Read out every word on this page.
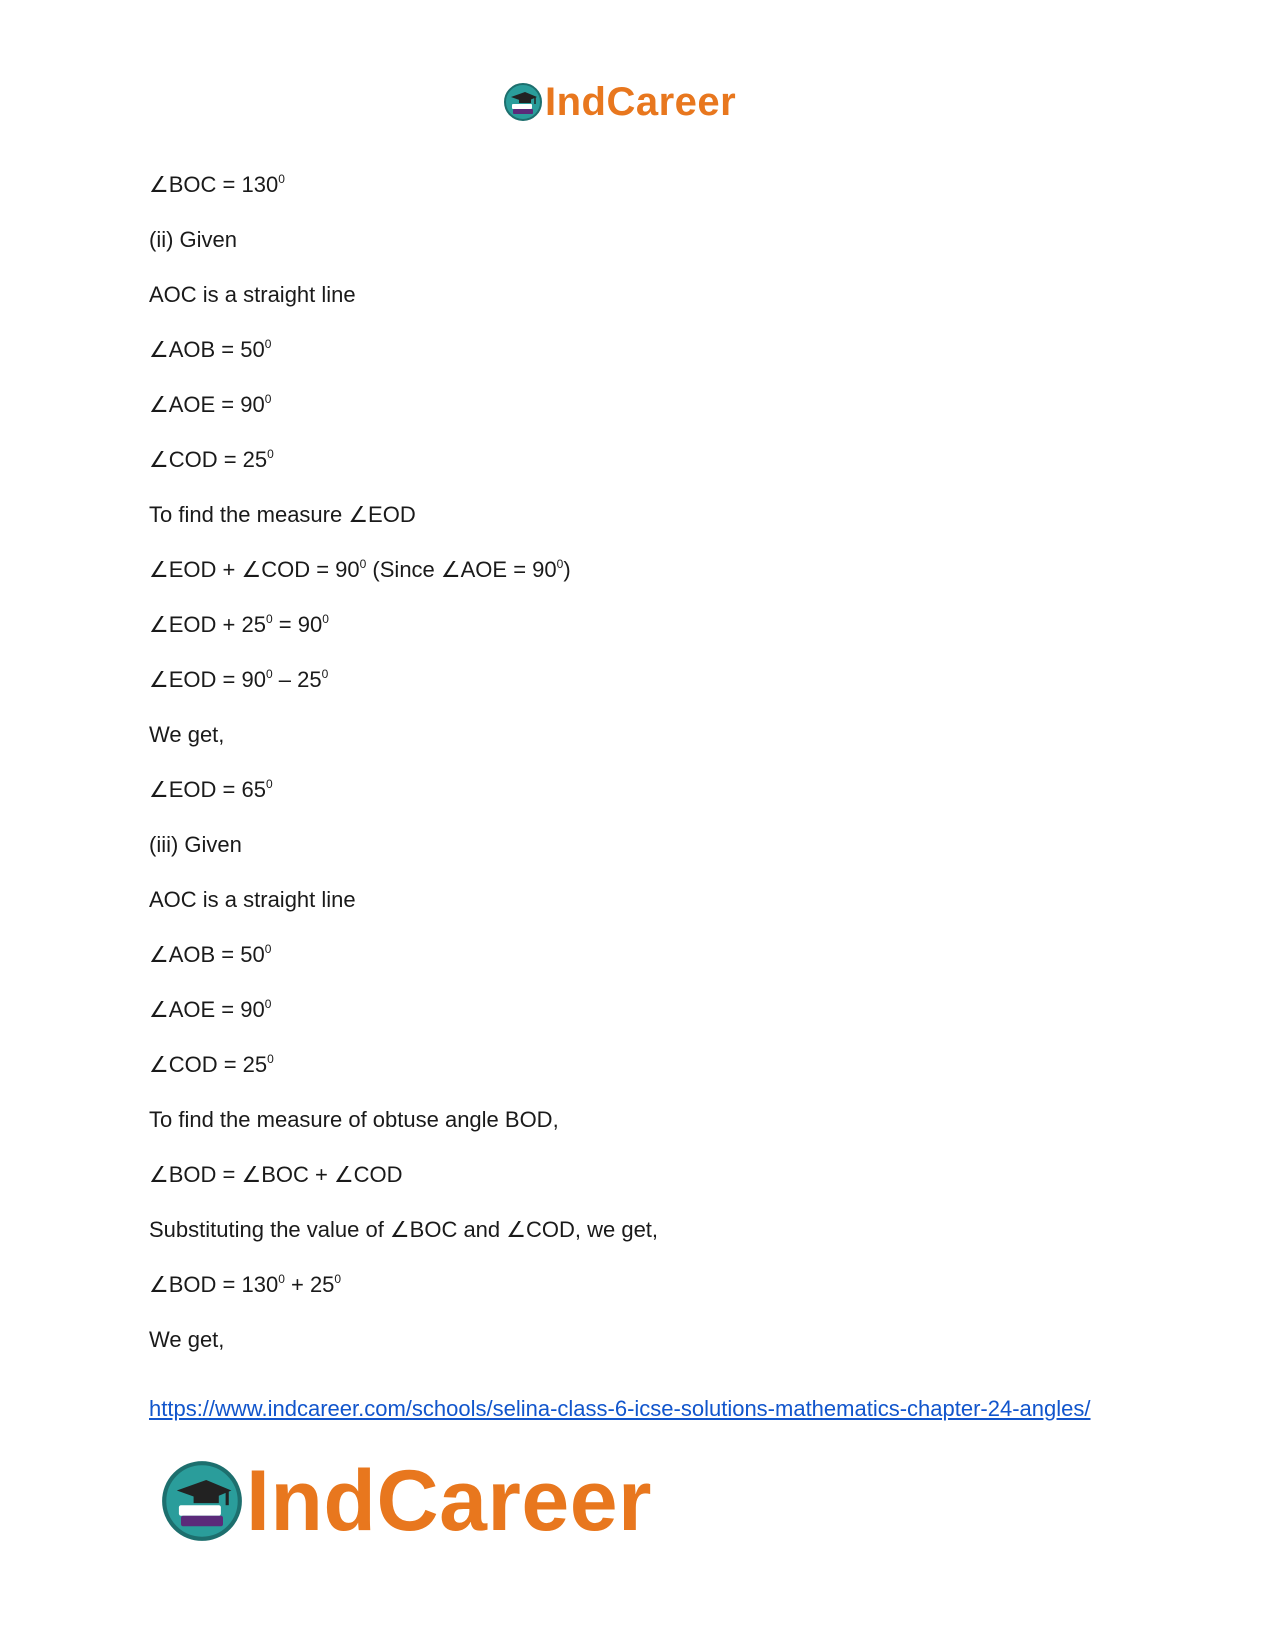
IndCareer
∠BOC = $130^0$
(ii) Given
AOC is a straight line
∠AOB = $50^0$
∠AOE = $90^0$
∠COD = $25^0$
To find the measure ∠EOD
∠EOD + ∠COD = $90^0$ (Since ∠AOE = $90^0$)
∠EOD + $25^0 = 90^0$
∠EOD = $90^0 - 25^0$
We get,
∠EOD = $65^0$
(iii) Given
AOC is a straight line
∠AOB = $50^0$
∠AOE = $90^0$
∠COD = $25^0$
To find the measure of obtuse angle BOD,
∠BOD = ∠BOC + ∠COD
Substituting the value of ∠BOC and ∠COD, we get,
∠BOD = $130^0 + 25^0$
We get,
https://www.indcareer.com/schools/selina-class-6-icse-solutions-mathematics-chapter-24-angles/
IndCareer
